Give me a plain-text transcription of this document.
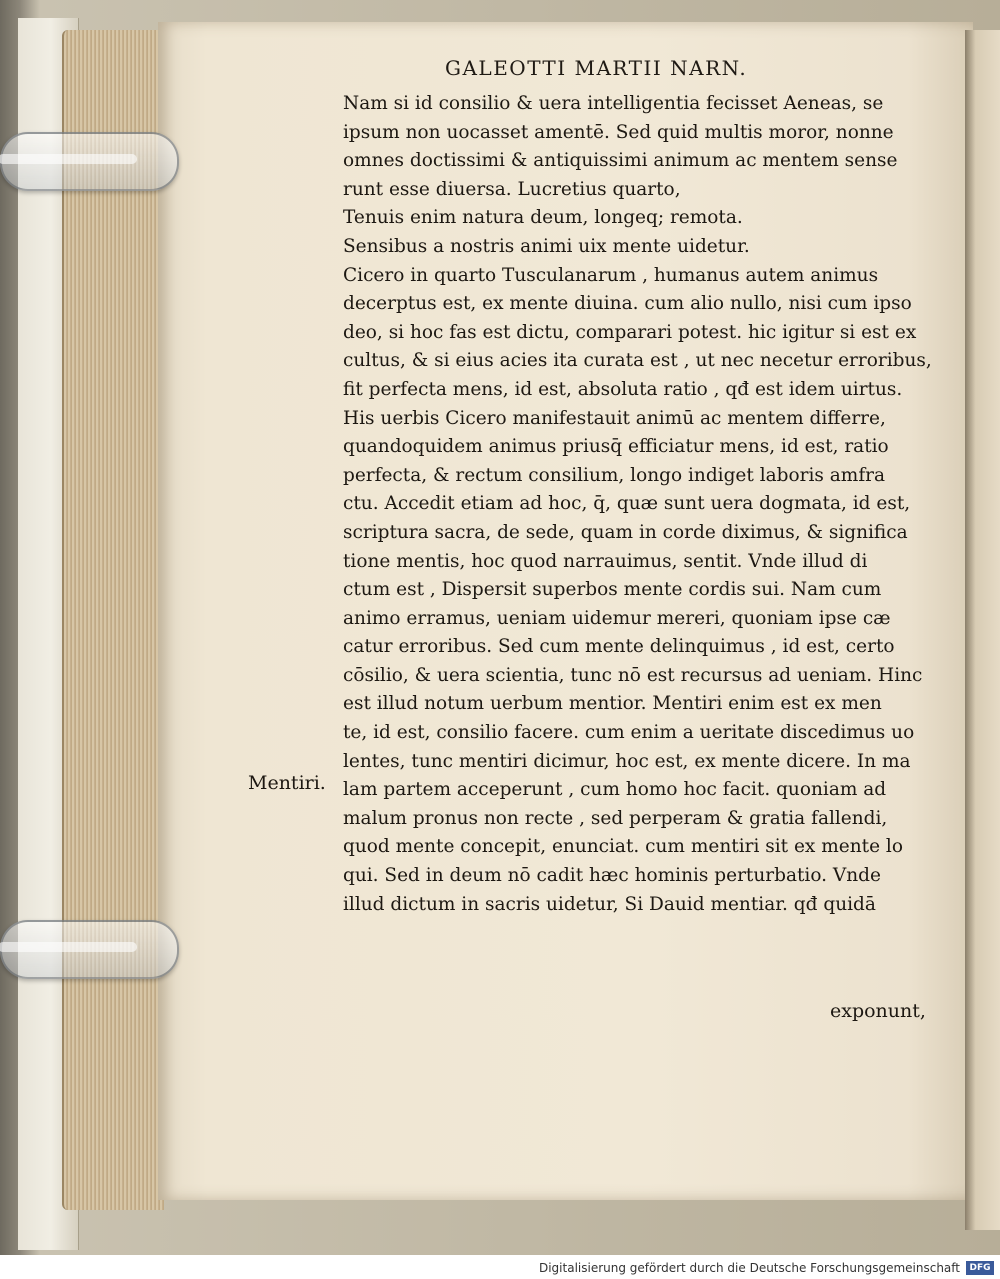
GALEOTTI MARTII NARN.
Mentiri.
Nam si id consilio & uera intelligentia fecisset Aeneas, se
ipsum non uocasset amentē. Sed quid multis moror, nonne
omnes doctissimi & antiquissimi animum ac mentem sense
runt esse diuersa. Lucretius quarto,
Tenuis enim natura deum, longeq; remota.
Sensibus a nostris animi uix mente uidetur.
Cicero in quarto Tusculanarum , humanus autem animus
decerptus est, ex mente diuina. cum alio nullo, nisi cum ipso
deo, si hoc fas est dictu, comparari potest. hic igitur si est ex
cultus, & si eius acies ita curata est , ut nec necetur erroribus,
fit perfecta mens, id est, absoluta ratio , qđ est idem uirtus.
His uerbis Cicero manifestauit animū ac mentem differre,
quandoquidem animus priusq̄ efficiatur mens, id est, ratio
perfecta, & rectum consilium, longo indiget laboris amfra
ctu. Accedit etiam ad hoc, q̄, quæ sunt uera dogmata, id est,
scriptura sacra, de sede, quam in corde diximus, & significa
tione mentis, hoc quod narrauimus, sentit. Vnde illud di
ctum est , Dispersit superbos mente cordis sui. Nam cum
animo erramus, ueniam uidemur mereri, quoniam ipse cæ
catur erroribus. Sed cum mente delinquimus , id est, certo
cōsilio, & uera scientia, tunc nō est recursus ad ueniam. Hinc
est illud notum uerbum mentior. Mentiri enim est ex men
te, id est, consilio facere. cum enim a ueritate discedimus uo
lentes, tunc mentiri dicimur, hoc est, ex mente dicere. In ma
lam partem acceperunt , cum homo hoc facit. quoniam ad
malum pronus non recte , sed perperam & gratia fallendi,
quod mente concepit, enunciat. cum mentiri sit ex mente lo
qui. Sed in deum nō cadit hæc hominis perturbatio. Vnde
illud dictum in sacris uidetur, Si Dauid mentiar. qđ quidā
exponunt,
Digitalisierung gefördert durch die Deutsche Forschungsgemeinschaft	DFG
